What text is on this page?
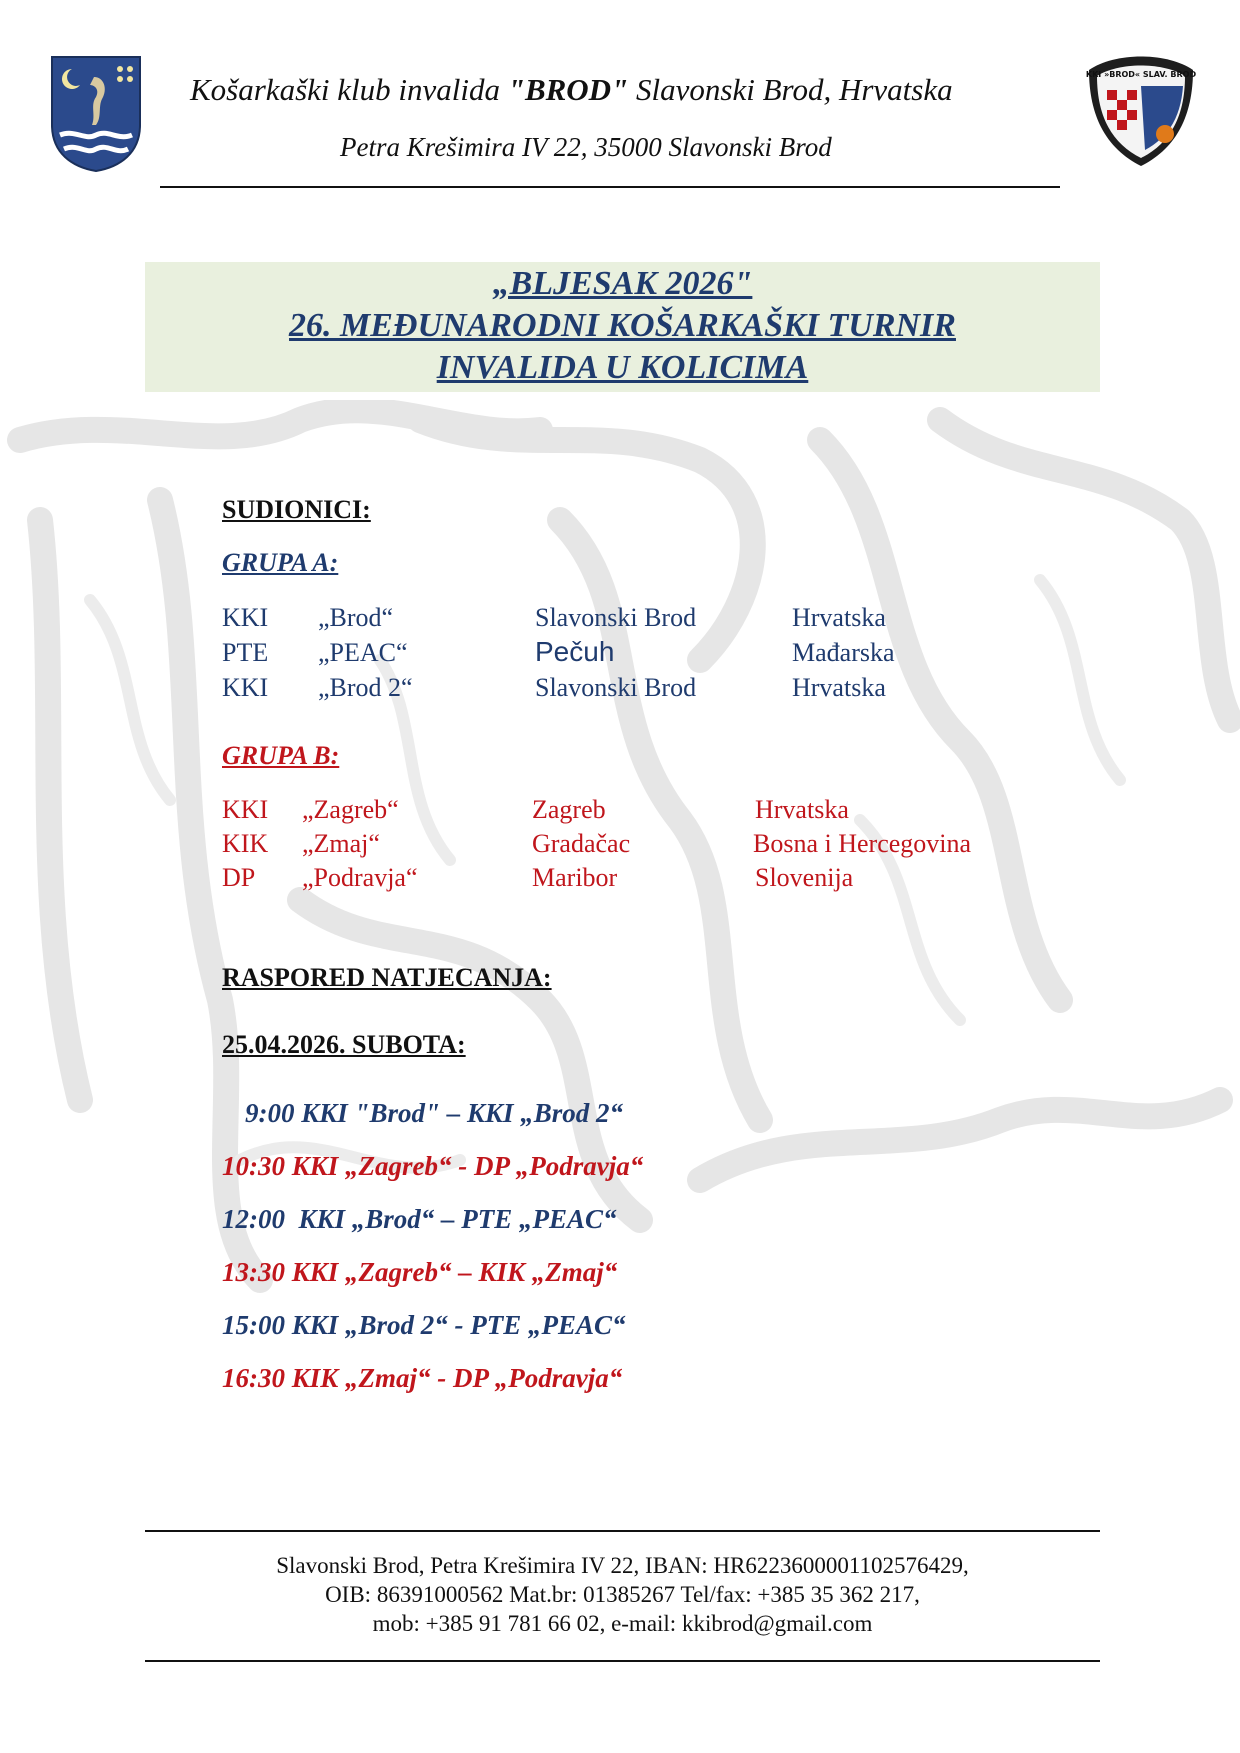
KKI »BROD« SLAV. BROD
Košarkaški klub invalida "BROD" Slavonski Brod, Hrvatska
Petra Krešimira IV 22, 35000 Slavonski Brod
„BLJESAK 2026"
26. MEĐUNARODNI KOŠARKAŠKI TURNIR
INVALIDA U KOLICIMA
SUDIONICI:
GRUPA A:
KKI „Brod“	Slavonski Brod	Hrvatska
PTE „PEAC“	Pečuh	Mađarska
KKI „Brod 2“	Slavonski Brod	Hrvatska
GRUPA B:
KKI „Zagreb“	Zagreb	Hrvatska
KIK „Zmaj“	Gradačac	Bosna i Hercegovina
DP „Podravja“	Maribor	Slovenija
RASPORED NATJECANJA:
25.04.2026. SUBOTA:
9:00 KKI "Brod" – KKI „Brod 2“
10:30 KKI „Zagreb“ - DP „Podravja“
12:00 KKI „Brod“ – PTE „PEAC“
13:30 KKI „Zagreb“ – KIK „Zmaj“
15:00 KKI „Brod 2“ - PTE „PEAC“
16:30 KIK „Zmaj“ - DP „Podravja“
Slavonski Brod, Petra Krešimira IV 22, IBAN: HR6223600001102576429,
OIB: 86391000562 Mat.br: 01385267 Tel/fax: +385 35 362 217,
mob: +385 91 781 66 02, e-mail: kkibrod@gmail.com
